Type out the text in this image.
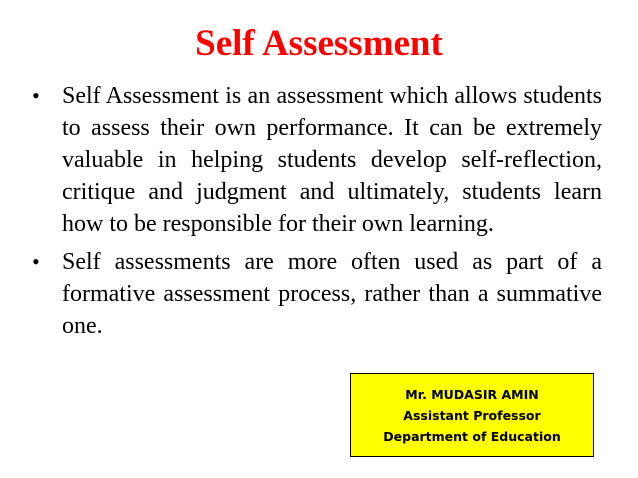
Self Assessment
• Self Assessment is an assessment which allows students to assess their own performance. It can be extremely valuable in helping students develop self-reflection, critique and judgment and ultimately, students learn how to be responsible for their own learning.
• Self assessments are more often used as part of a formative assessment process, rather than a summative one.
Mr. MUDASIR AMIN
Assistant Professor
Department of Education
